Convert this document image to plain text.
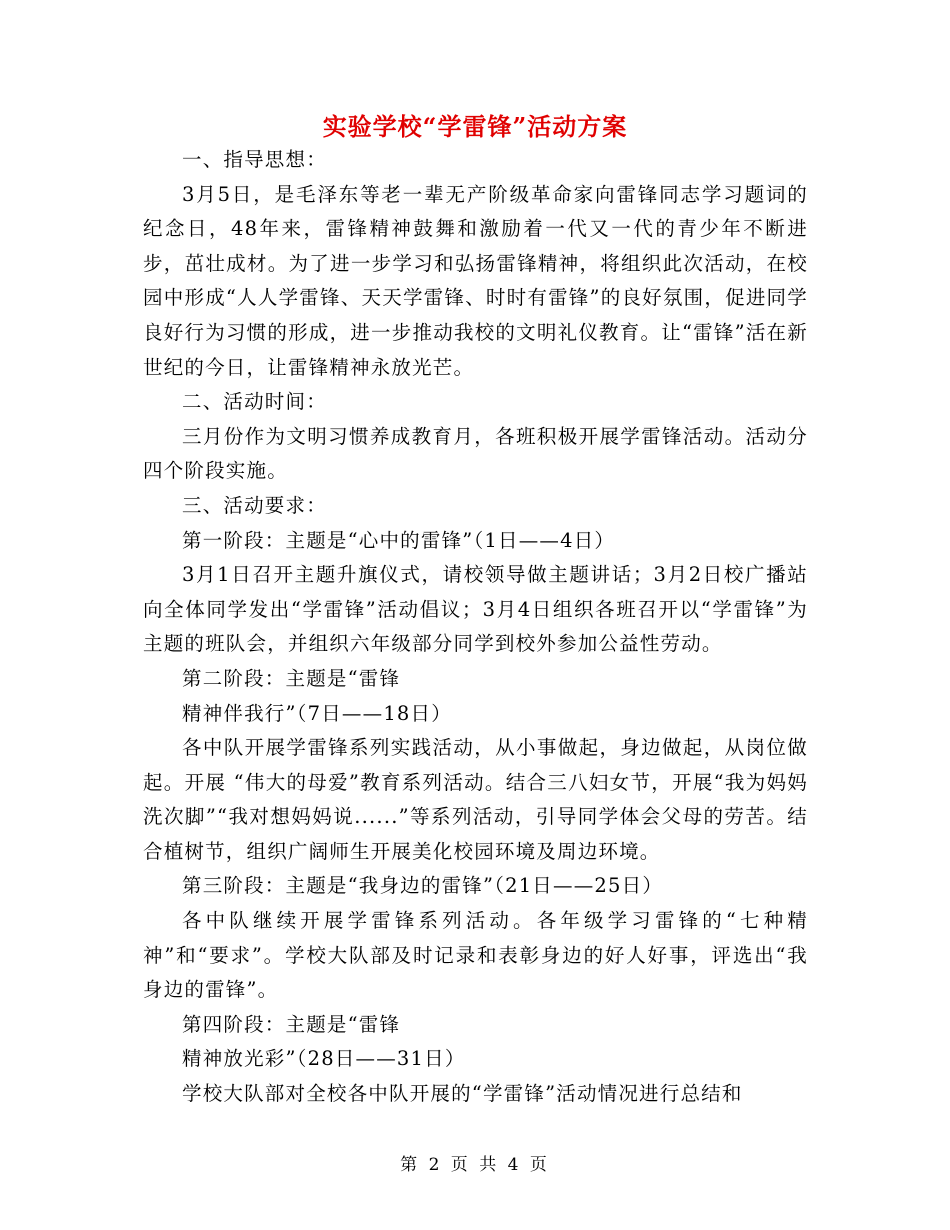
实验学校“学雷锋”活动方案

一、指导思想：

3月5日，是毛泽东等老一辈无产阶级革命家向雷锋同志学习题词的纪念日，48年来，雷锋精神鼓舞和激励着一代又一代的青少年不断进步，茁壮成材。为了进一步学习和弘扬雷锋精神，将组织此次活动，在校园中形成“人人学雷锋、天天学雷锋、时时有雷锋”的良好氛围，促进同学良好行为习惯的形成，进一步推动我校的文明礼仪教育。让“雷锋”活在新世纪的今日，让雷锋精神永放光芒。

二、活动时间：

三月份作为文明习惯养成教育月，各班积极开展学雷锋活动。活动分四个阶段实施。

三、活动要求：

第一阶段：主题是“心中的雷锋”（1日——4日）

3月1日召开主题升旗仪式，请校领导做主题讲话；3月2日校广播站向全体同学发出“学雷锋”活动倡议；3月4日组织各班召开以“学雷锋”为主题的班队会，并组织六年级部分同学到校外参加公益性劳动。

第二阶段：主题是“雷锋

精神伴我行”（7日——18日）

各中队开展学雷锋系列实践活动，从小事做起，身边做起，从岗位做起。开展 “伟大的母爱”教育系列活动。结合三八妇女节，开展“我为妈妈洗次脚”“我对想妈妈说......”等系列活动，引导同学体会父母的劳苦。结合植树节，组织广阔师生开展美化校园环境及周边环境。

第三阶段：主题是“我身边的雷锋”（21日——25日）

各中队继续开展学雷锋系列活动。各年级学习雷锋的“七种精神”和“要求”。学校大队部及时记录和表彰身边的好人好事，评选出“我身边的雷锋”。

第四阶段：主题是“雷锋

精神放光彩”（28日——31日）

学校大队部对全校各中队开展的“学雷锋”活动情况进行总结和

第 2 页 共 4 页
